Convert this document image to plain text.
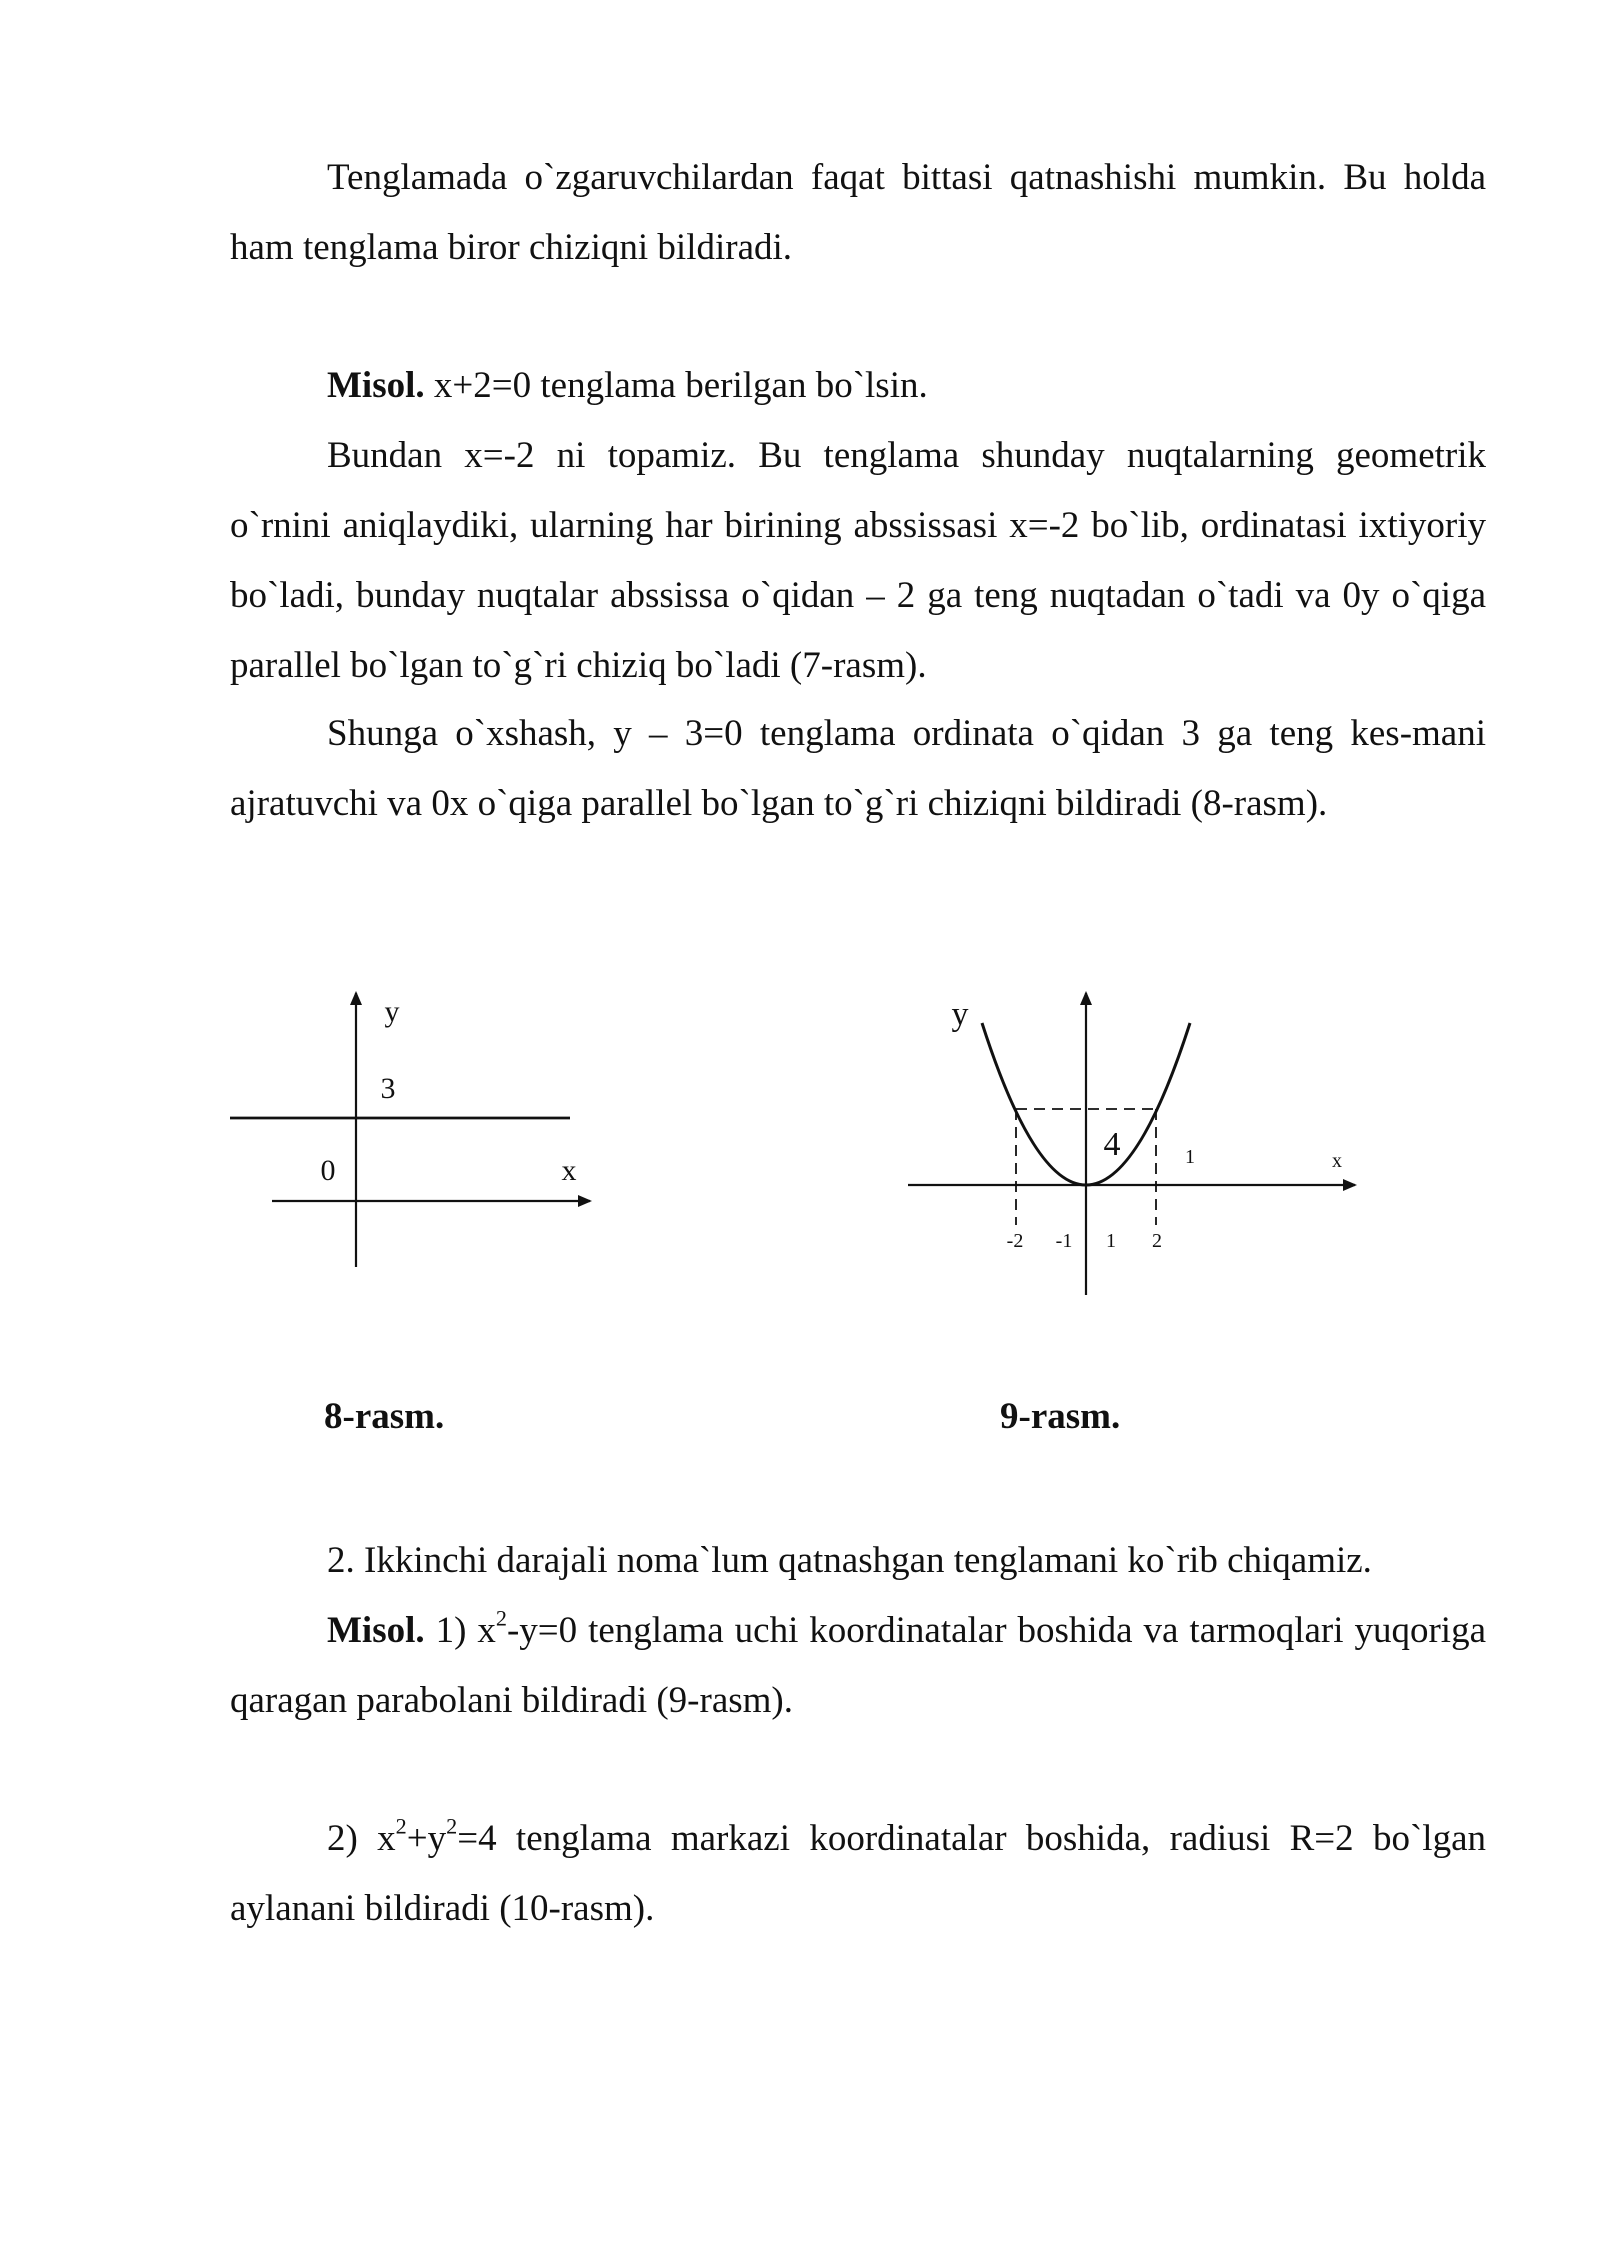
Tenglamada o`zgaruvchilardan faqat bittasi qatnashishi mumkin. Bu holda ham tenglama biror chiziqni bildiradi.

Misol. x+2=0 tenglama berilgan bo`lsin.

Bundan x=-2 ni topamiz. Bu tenglama shunday nuqtalarning geometrik o`rnini aniqlaydiki, ularning har birining abssissasi x=-2 bo`lib, ordinatasi ixtiyoriy bo`ladi, bunday nuqtalar abssissa o`qidan – 2 ga teng nuqtadan o`tadi va 0y o`qiga parallel bo`lgan to`g`ri chiziq bo`ladi (7-rasm).

Shunga o`xshash, y – 3=0 tenglama ordinata o`qidan 3 ga teng kes-mani ajratuvchi va 0x o`qiga parallel bo`lgan to`g`ri chiziqni bildiradi (8-rasm).

y
3
0	x
y
4	1	x
-2 -1 1 2
8-rasm.	9-rasm.

2. Ikkinchi darajali noma`lum qatnashgan tenglamani ko`rib chiqamiz.

Misol. 1) $x^2-y=0$ tenglama uchi koordinatalar boshida va tarmoqlari yuqoriga qaragan parabolani bildiradi (9-rasm).

2) $x^2+y^2=4$ tenglama markazi koordinatalar boshida, radiusi R=2 bo`lgan aylanani bildiradi (10-rasm).
